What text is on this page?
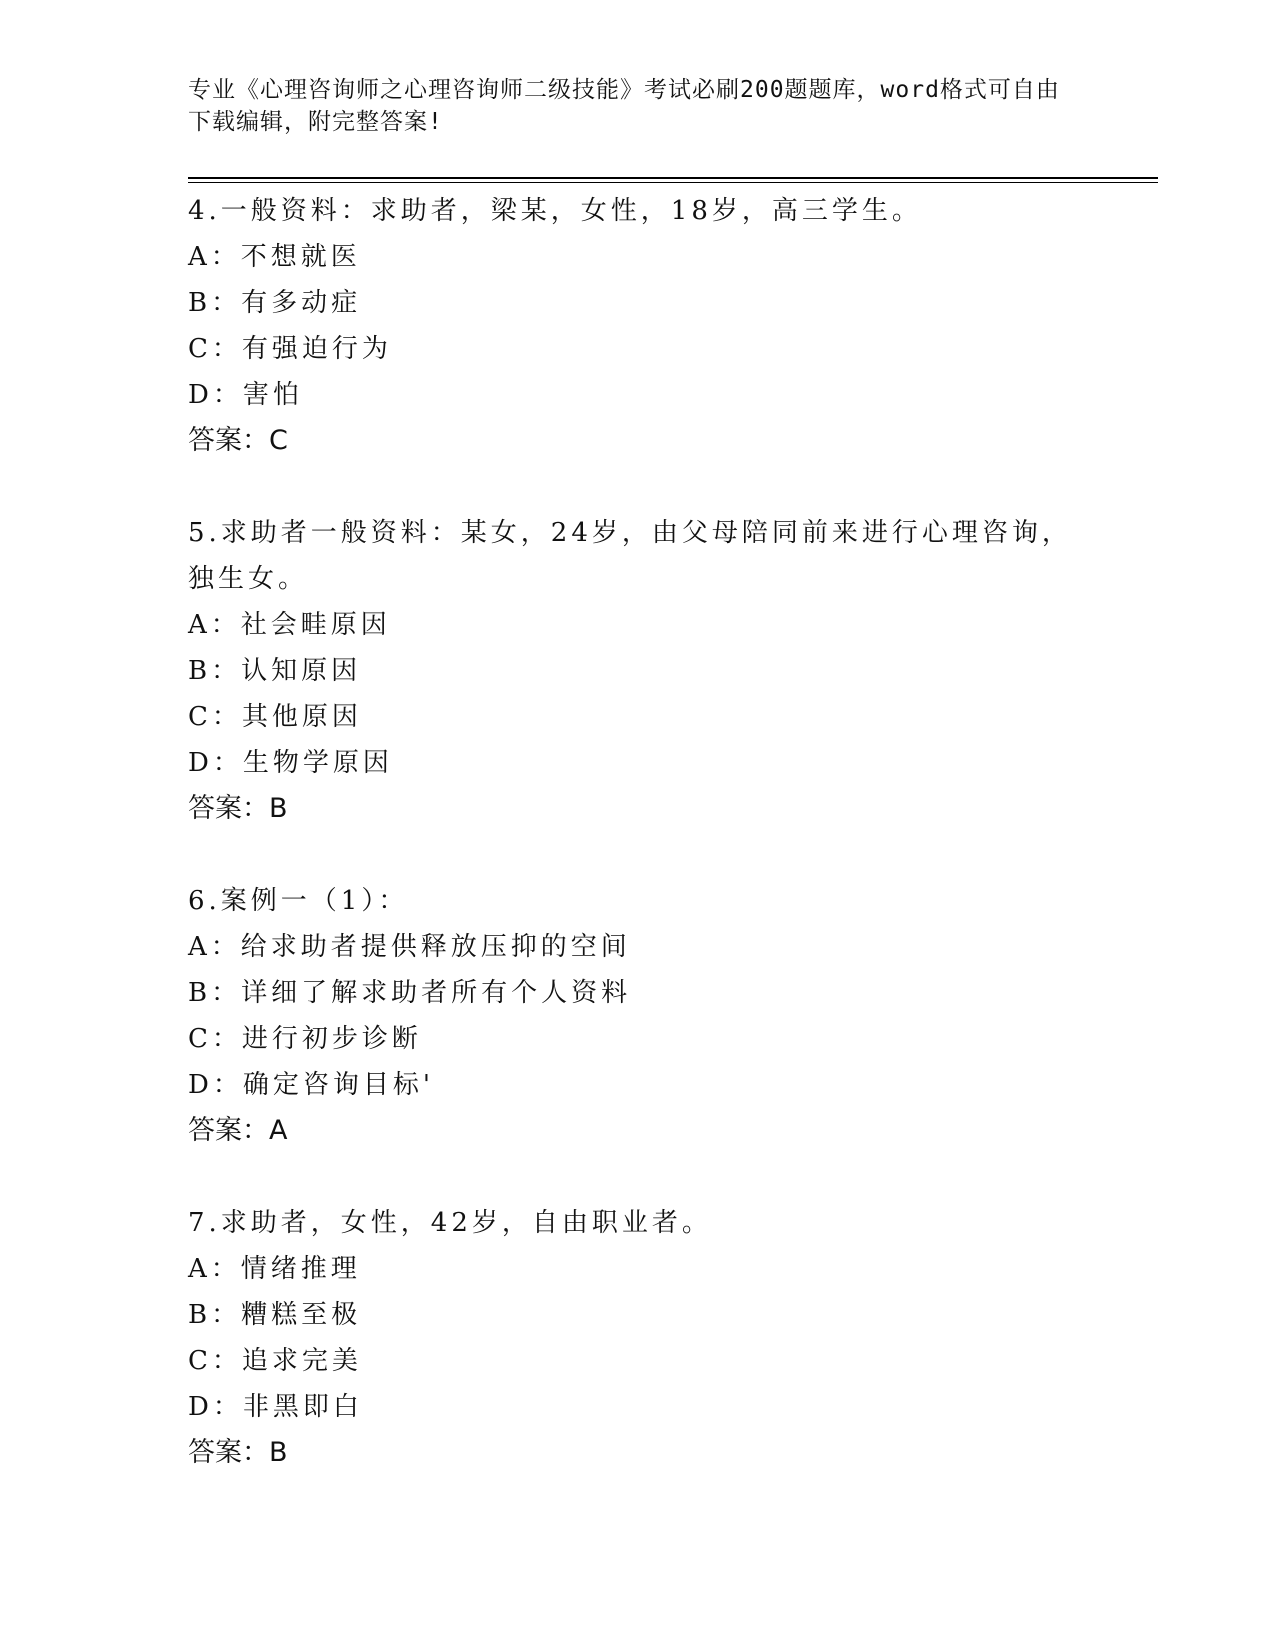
专业《心理咨询师之心理咨询师二级技能》考试必刷200题题库，word格式可自由下载编辑，附完整答案!

4.一般资料：求助者，梁某，女性，18岁，高三学生。

A：不想就医

B：有多动症

C：有强迫行为

D：害怕

答案：C

5.求助者一般资料：某女，24岁，由父母陪同前来进行心理咨询，独生女。

A：社会畦原因

B：认知原因

C：其他原因

D：生物学原因

答案：B

6.案例一（1）：

A：给求助者提供释放压抑的空间

B：详细了解求助者所有个人资料

C：进行初步诊断

D：确定咨询目标'

答案：A

7.求助者，女性，42岁，自由职业者。

A：情绪推理

B：糟糕至极

C：追求完美

D：非黑即白

答案：B
